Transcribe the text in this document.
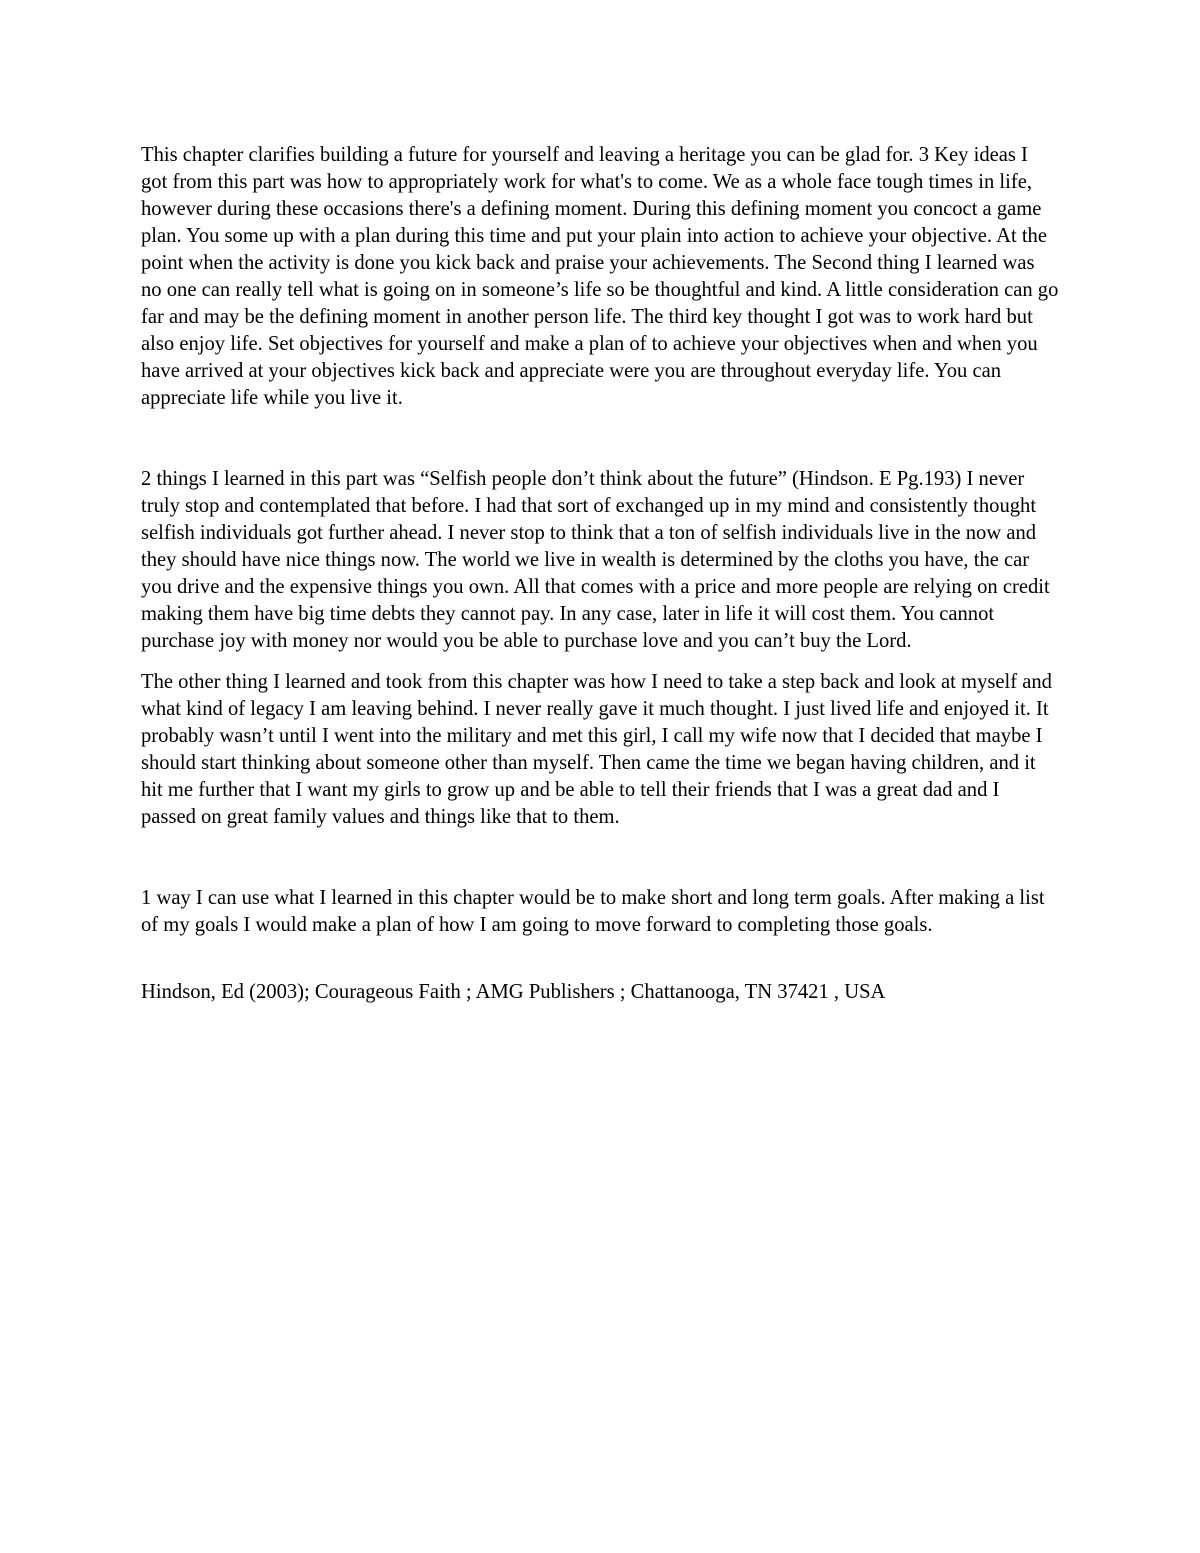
This chapter clarifies building a future for yourself and leaving a heritage you can be glad for. 3 Key ideas I got from this part was how to appropriately work for what's to come. We as a whole face tough times in life, however during these occasions there's a defining moment. During this defining moment you concoct a game plan. You some up with a plan during this time and put your plain into action to achieve your objective. At the point when the activity is done you kick back and praise your achievements. The Second thing I learned was no one can really tell what is going on in someone’s life so be thoughtful and kind. A little consideration can go far and may be the defining moment in another person life. The third key thought I got was to work hard but also enjoy life. Set objectives for yourself and make a plan of to achieve your objectives when and when you have arrived at your objectives kick back and appreciate were you are throughout everyday life. You can appreciate life while you live it.

2 things I learned in this part was “Selfish people don’t think about the future” (Hindson. E Pg.193) I never truly stop and contemplated that before. I had that sort of exchanged up in my mind and consistently thought selfish individuals got further ahead. I never stop to think that a ton of selfish individuals live in the now and they should have nice things now. The world we live in wealth is determined by the cloths you have, the car you drive and the expensive things you own. All that comes with a price and more people are relying on credit making them have big time debts they cannot pay. In any case, later in life it will cost them. You cannot purchase joy with money nor would you be able to purchase love and you can’t buy the Lord.

The other thing I learned and took from this chapter was how I need to take a step back and look at myself and what kind of legacy I am leaving behind. I never really gave it much thought. I just lived life and enjoyed it. It probably wasn’t until I went into the military and met this girl, I call my wife now that I decided that maybe I should start thinking about someone other than myself. Then came the time we began having children, and it hit me further that I want my girls to grow up and be able to tell their friends that I was a great dad and I passed on great family values and things like that to them.

1 way I can use what I learned in this chapter would be to make short and long term goals. After making a list of my goals I would make a plan of how I am going to move forward to completing those goals.

Hindson, Ed (2003); Courageous Faith ; AMG Publishers ; Chattanooga, TN 37421 , USA
